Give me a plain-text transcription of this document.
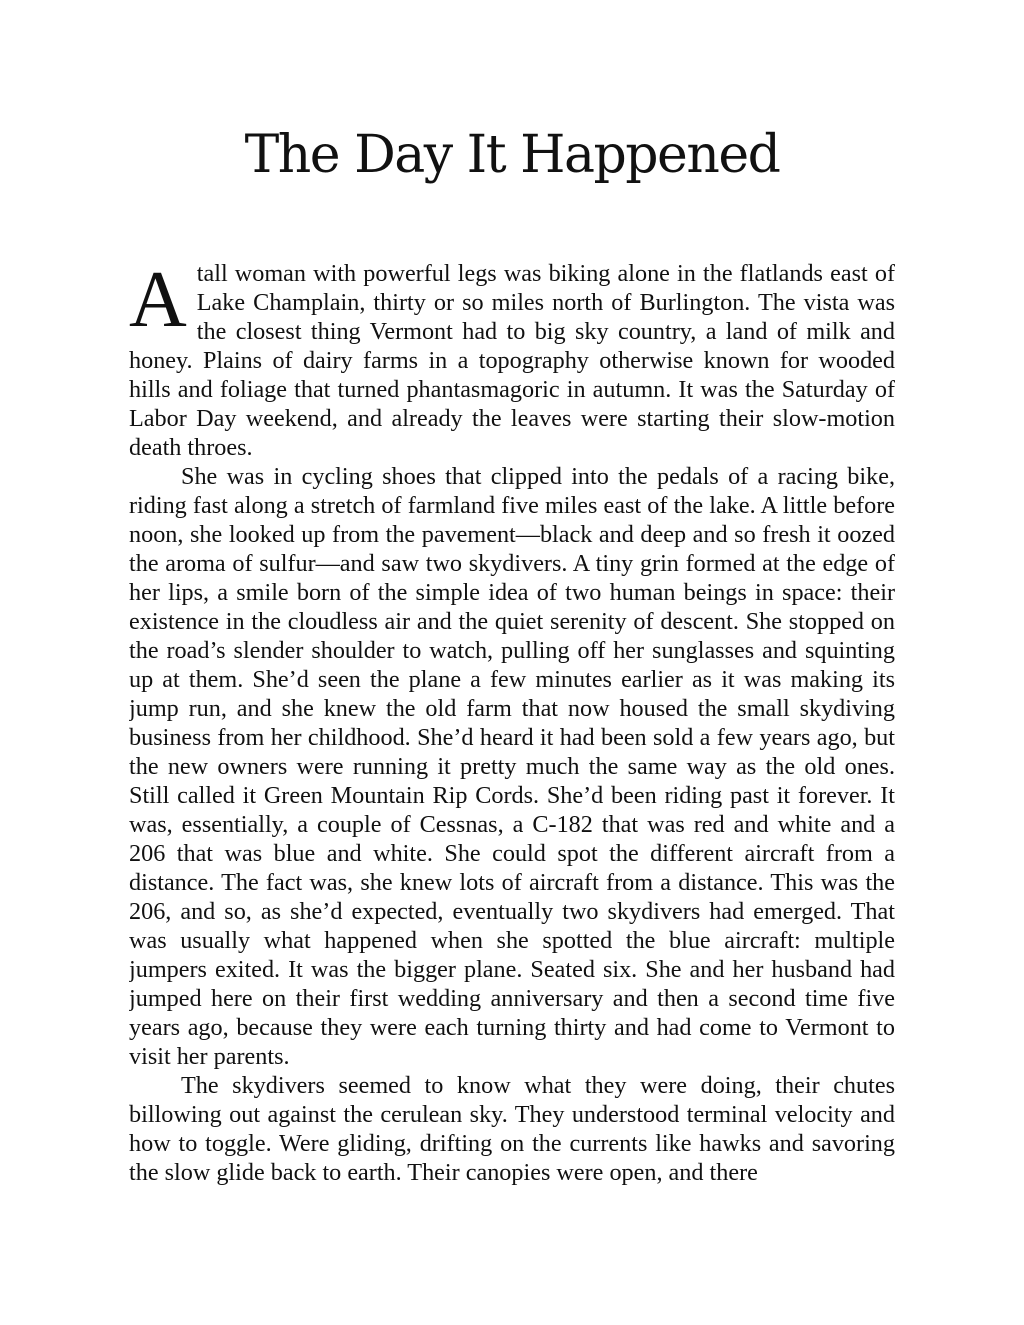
The Day It Happened

Atall woman with powerful legs was biking alone in the flatlands east of Lake Champlain, thirty or so miles north of Burlington. The vista was the closest thing Vermont had to big sky country, a land of milk and honey. Plains of dairy farms in a topography otherwise known for wooded hills and foliage that turned phantasmagoric in autumn. It was the Saturday of Labor Day weekend, and already the leaves were starting their slow-motion death throes.

She was in cycling shoes that clipped into the pedals of a racing bike, riding fast along a stretch of farmland five miles east of the lake. A little before noon, she looked up from the pavement—black and deep and so fresh it oozed the aroma of sulfur—and saw two skydivers. A tiny grin formed at the edge of her lips, a smile born of the simple idea of two human beings in space: their existence in the cloudless air and the quiet serenity of descent. She stopped on the road’s slender shoulder to watch, pulling off her sunglasses and squinting up at them. She’d seen the plane a few minutes earlier as it was making its jump run, and she knew the old farm that now housed the small skydiving business from her childhood. She’d heard it had been sold a few years ago, but the new owners were running it pretty much the same way as the old ones. Still called it Green Mountain Rip Cords. She’d been riding past it forever. It was, essentially, a couple of Cessnas, a C-182 that was red and white and a 206 that was blue and white. She could spot the different aircraft from a distance. The fact was, she knew lots of aircraft from a distance. This was the 206, and so, as she’d expected, eventually two skydivers had emerged. That was usually what happened when she spotted the blue aircraft: multiple jumpers exited. It was the bigger plane. Seated six. She and her husband had jumped here on their first wedding anniversary and then a second time five years ago, because they were each turning thirty and had come to Vermont to visit her parents.

The skydivers seemed to know what they were doing, their chutes billowing out against the cerulean sky. They understood terminal velocity and how to toggle. Were gliding, drifting on the currents like hawks and savoring the slow glide back to earth. Their canopies were open, and there
